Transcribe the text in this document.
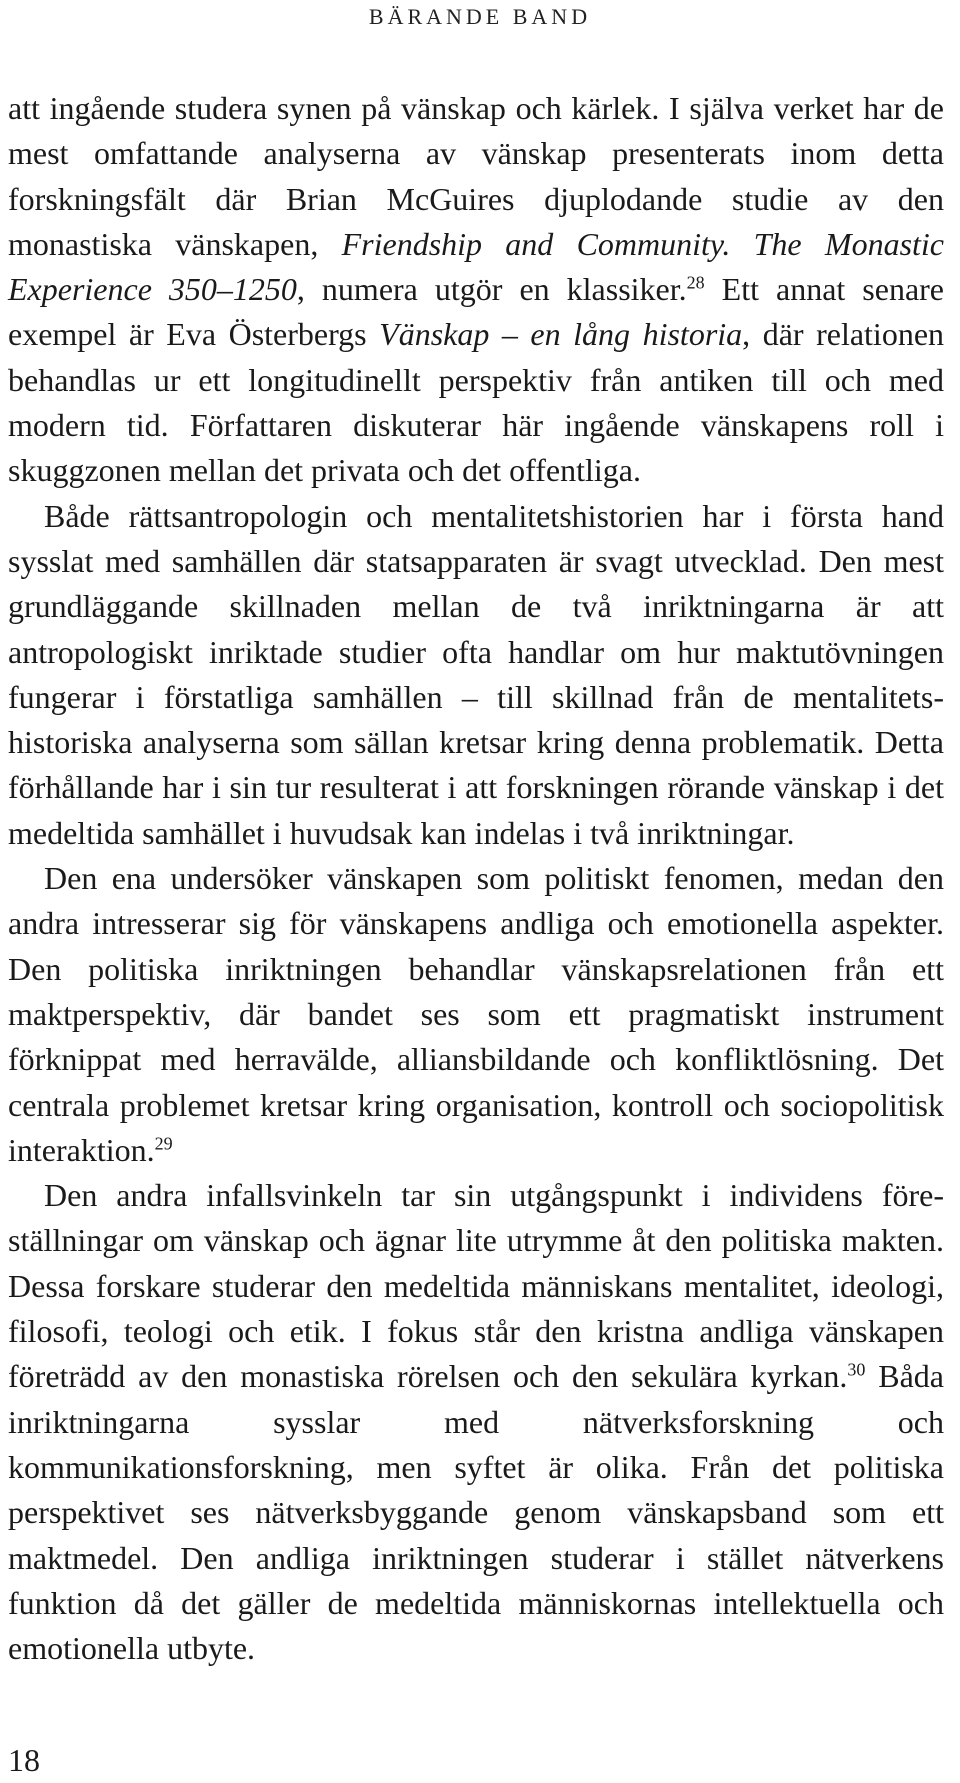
BÄRANDE BAND

att ingående studera synen på vänskap och kärlek. I själva verket har de mest omfattande analyserna av vänskap presenterats inom detta forskningsfält där Brian McGuires djuplodande studie av den monastiska vänskapen, Friendship and Community. The Monastic Experience 350–1250, numera utgör en klassiker.$^{28}$ Ett annat senare exempel är Eva Österbergs Vänskap – en lång historia, där relationen behandlas ur ett longitudinellt perspektiv från antiken till och med modern tid. Författaren diskuterar här ingående vänskapens roll i skuggzonen mellan det privata och det offentliga.

Både rättsantropologin och mentalitetshistorien har i första hand sysslat med samhällen där statsapparaten är svagt utvecklad. Den mest grundläggande skillnaden mellan de två inriktningarna är att antropologiskt inriktade studier ofta handlar om hur maktutövningen fungerar i förstatliga samhällen – till skillnad från de mentalitetshistoriska analyserna som sällan kretsar kring denna problematik. Detta förhållande har i sin tur resulterat i att forskningen rörande vänskap i det medeltida samhället i huvudsak kan indelas i två inriktningar.

Den ena undersöker vänskapen som politiskt fenomen, medan den andra intresserar sig för vänskapens andliga och emotionella aspekter. Den politiska inriktningen behandlar vänskapsrelationen från ett maktperspektiv, där bandet ses som ett pragmatiskt instrument förknippat med herravälde, alliansbildande och konfliktlösning. Det centrala problemet kretsar kring organisation, kontroll och sociopolitisk interaktion.$^{29}$

Den andra infallsvinkeln tar sin utgångspunkt i individens föreställningar om vänskap och ägnar lite utrymme åt den politiska makten. Dessa forskare studerar den medeltida människans mentalitet, ideologi, filosofi, teologi och etik. I fokus står den kristna andliga vänskapen företrädd av den monastiska rörelsen och den sekulära kyrkan.$^{30}$ Båda inriktningarna sysslar med nätverksforskning och kommunikationsforskning, men syftet är olika. Från det politiska perspektivet ses nätverksbyggande genom vänskapsband som ett maktmedel. Den andliga inriktningen studerar i stället nätverkens funktion då det gäller de medeltida människornas intellektuella och emotionella utbyte.

18
